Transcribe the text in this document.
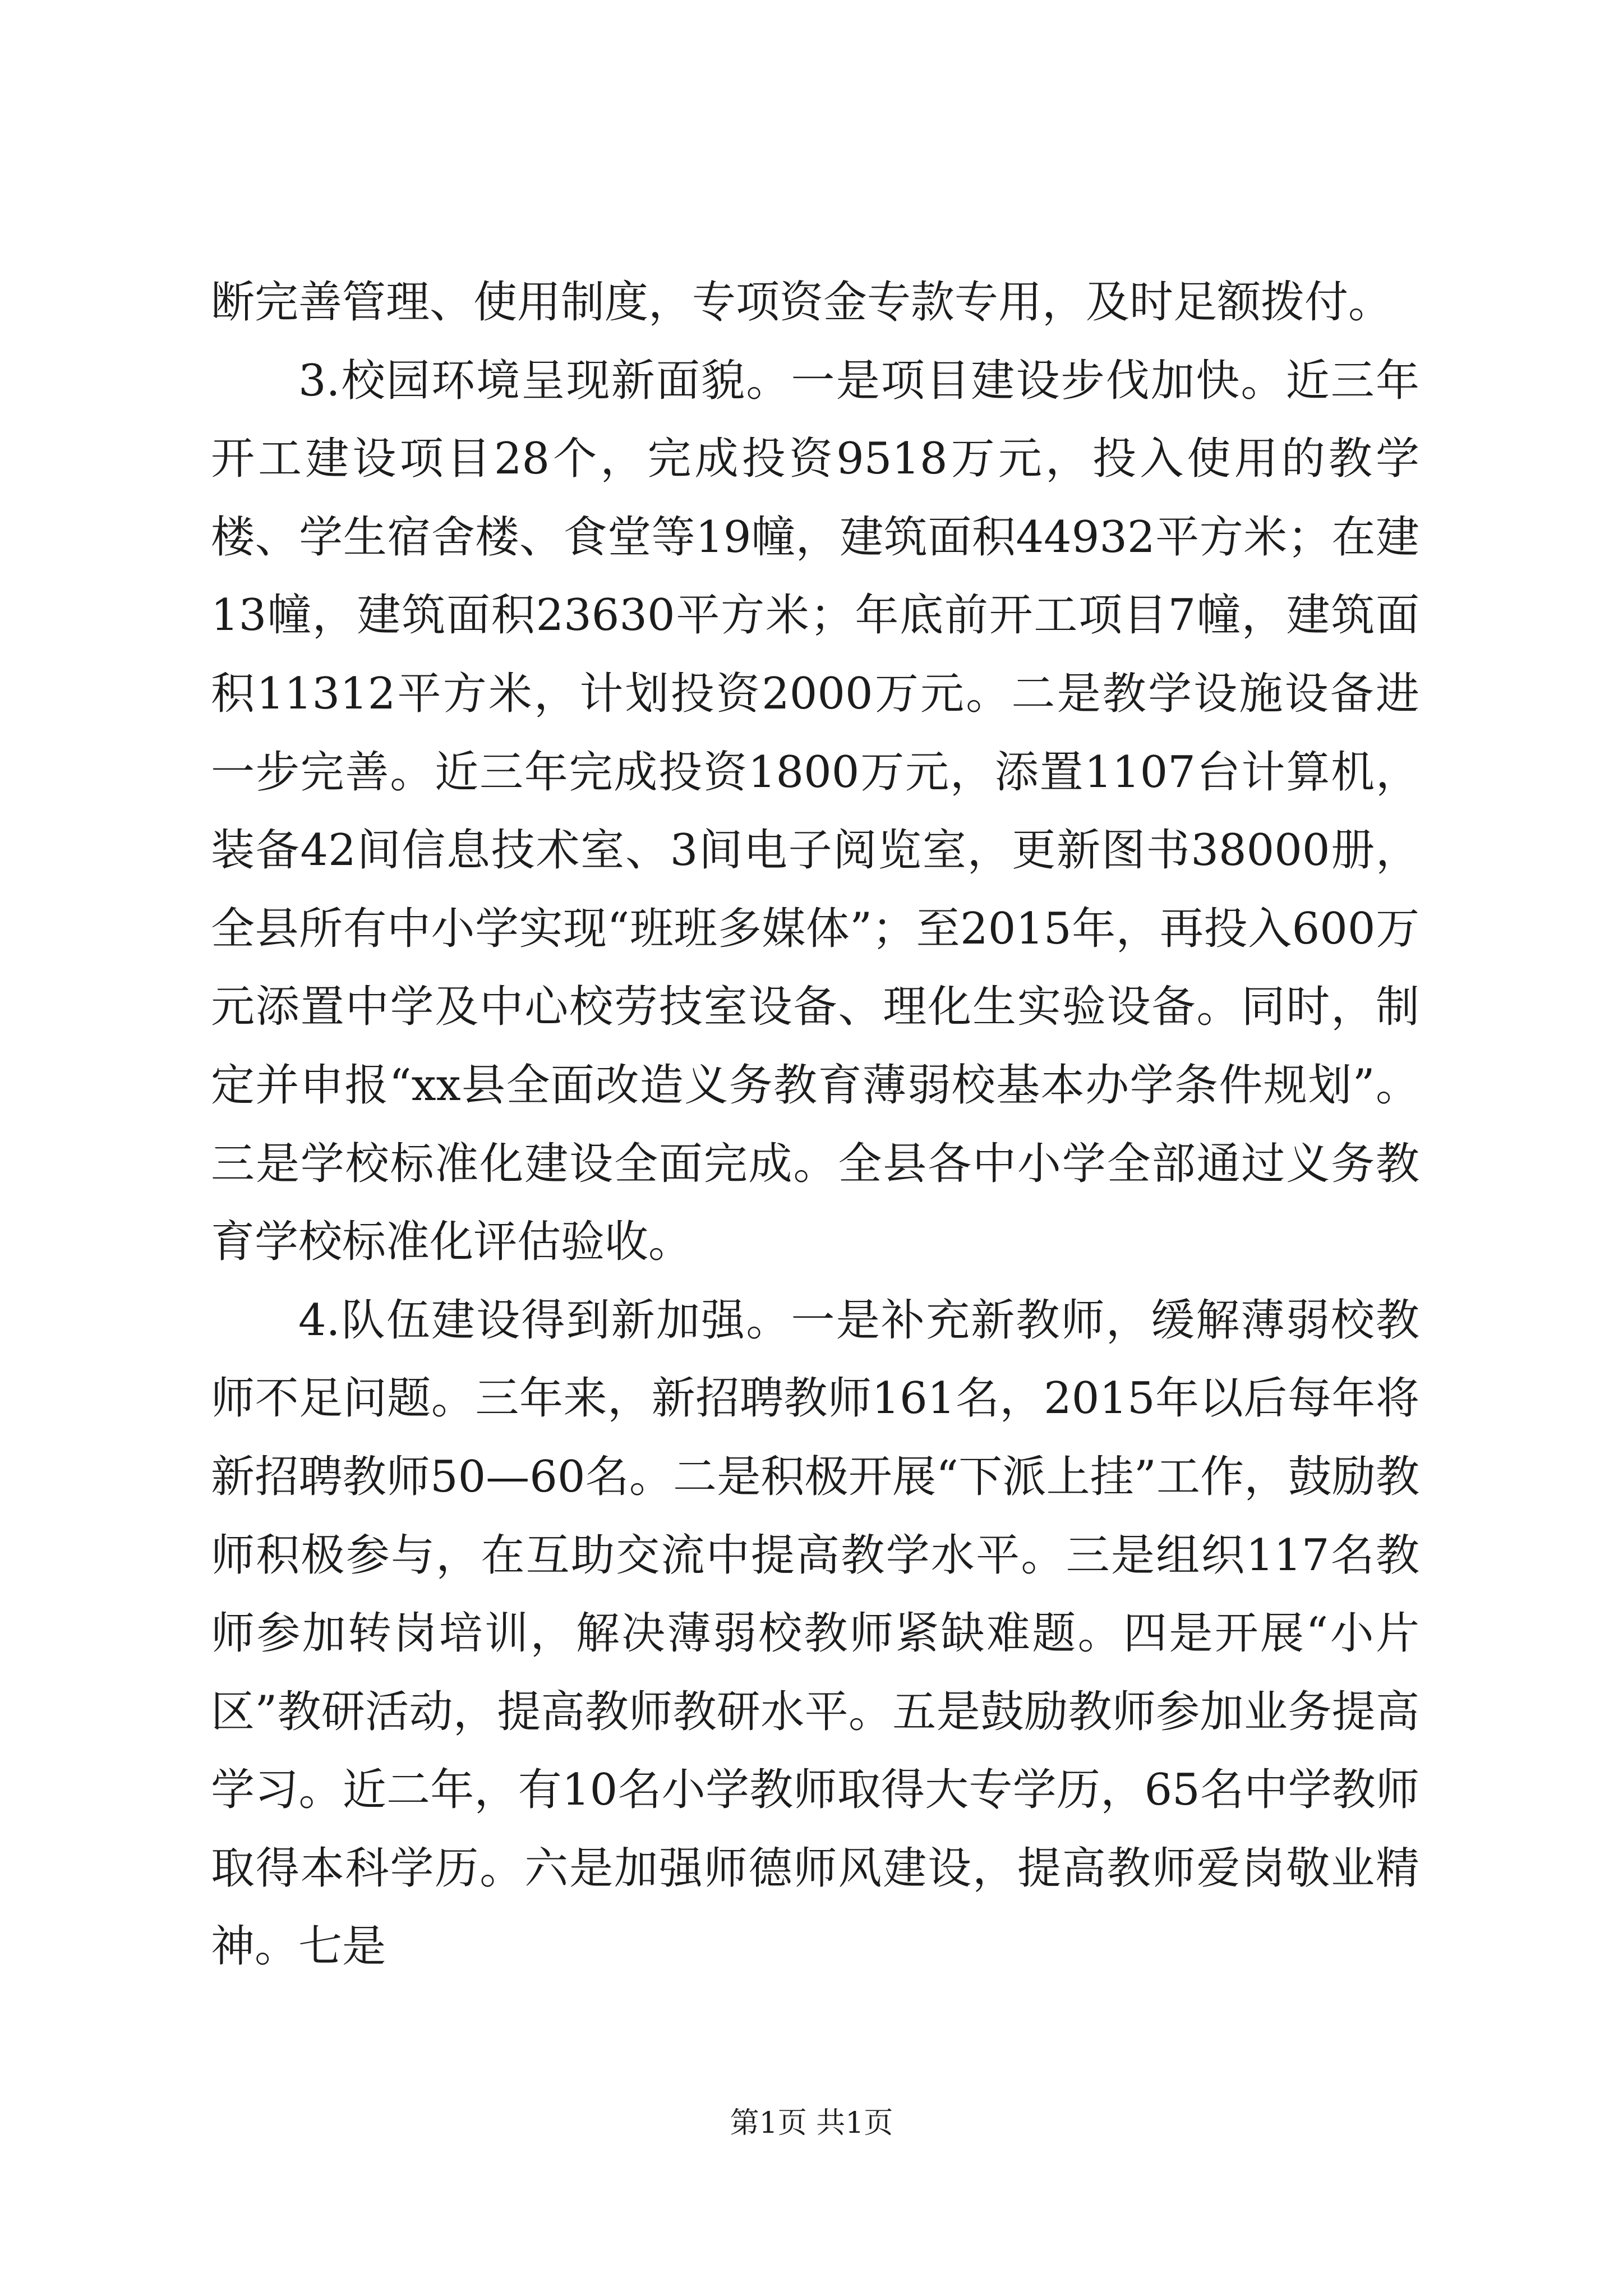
断完善管理、使用制度，专项资金专款专用，及时足额拨付。

3.校园环境呈现新面貌。一是项目建设步伐加快。近三年开工建设项目28个，完成投资9518万元，投入使用的教学楼、学生宿舍楼、食堂等19幢，建筑面积44932平方米；在建13幢，建筑面积23630平方米；年底前开工项目7幢，建筑面积11312平方米，计划投资2000万元。二是教学设施设备进一步完善。近三年完成投资1800万元，添置1107台计算机，装备42间信息技术室、3间电子阅览室，更新图书38000册，全县所有中小学实现“班班多媒体”；至2015年，再投入600万元添置中学及中心校劳技室设备、理化生实验设备。同时，制定并申报“xx县全面改造义务教育薄弱校基本办学条件规划”。三是学校标准化建设全面完成。全县各中小学全部通过义务教育学校标准化评估验收。

4.队伍建设得到新加强。一是补充新教师，缓解薄弱校教师不足问题。三年来，新招聘教师161名，2015年以后每年将新招聘教师50—60名。二是积极开展“下派上挂”工作，鼓励教师积极参与，在互助交流中提高教学水平。三是组织117名教师参加转岗培训，解决薄弱校教师紧缺难题。四是开展“小片区”教研活动，提高教师教研水平。五是鼓励教师参加业务提高学习。近二年，有10名小学教师取得大专学历，65名中学教师取得本科学历。六是加强师德师风建设，提高教师爱岗敬业精神。七是

第1页 共1页
